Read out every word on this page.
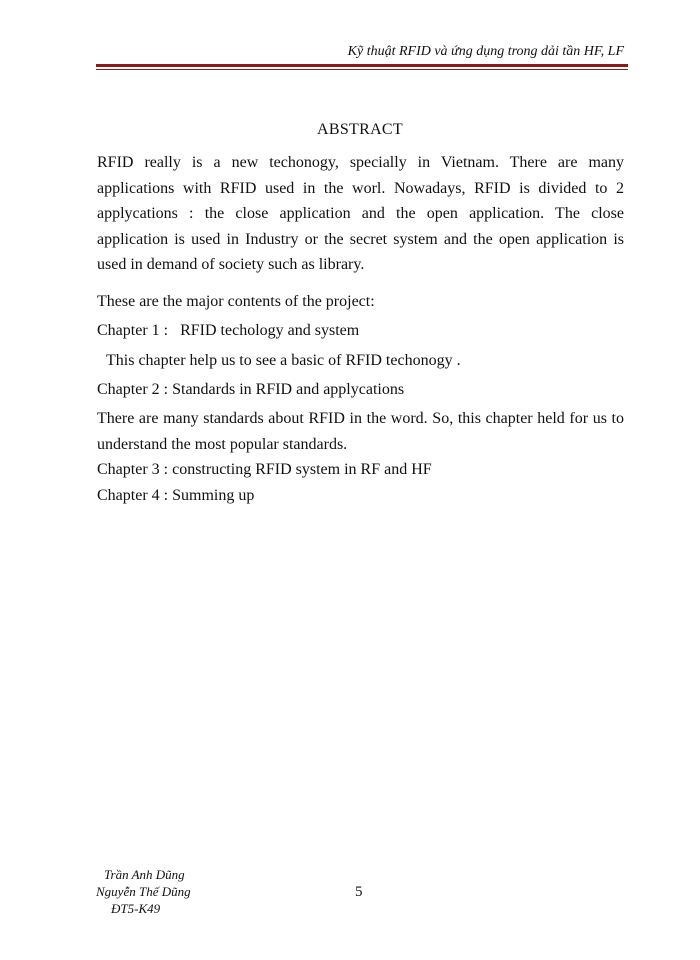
Kỹ thuật RFID và ứng dụng trong dải tần HF, LF
ABSTRACT
RFID really is a new techonogy, specially in Vietnam. There are many applications with RFID used in the worl. Nowadays, RFID is divided to 2 applycations : the close application and the open application. The close application is used in Industry or the secret system and the open application is used in demand of society such as library.
These are the major contents of the project:
Chapter 1 :   RFID techology and system
This chapter help us to see a basic of RFID techonogy .
Chapter 2 : Standards in RFID and applycations
There are many standards about RFID in the word. So, this chapter held for us to understand the most popular standards.
Chapter 3 : constructing RFID system in RF and HF
Chapter 4 : Summing up
Trần Anh Dũng
Nguyễn Thế Dũng
ĐT5-K49
5
